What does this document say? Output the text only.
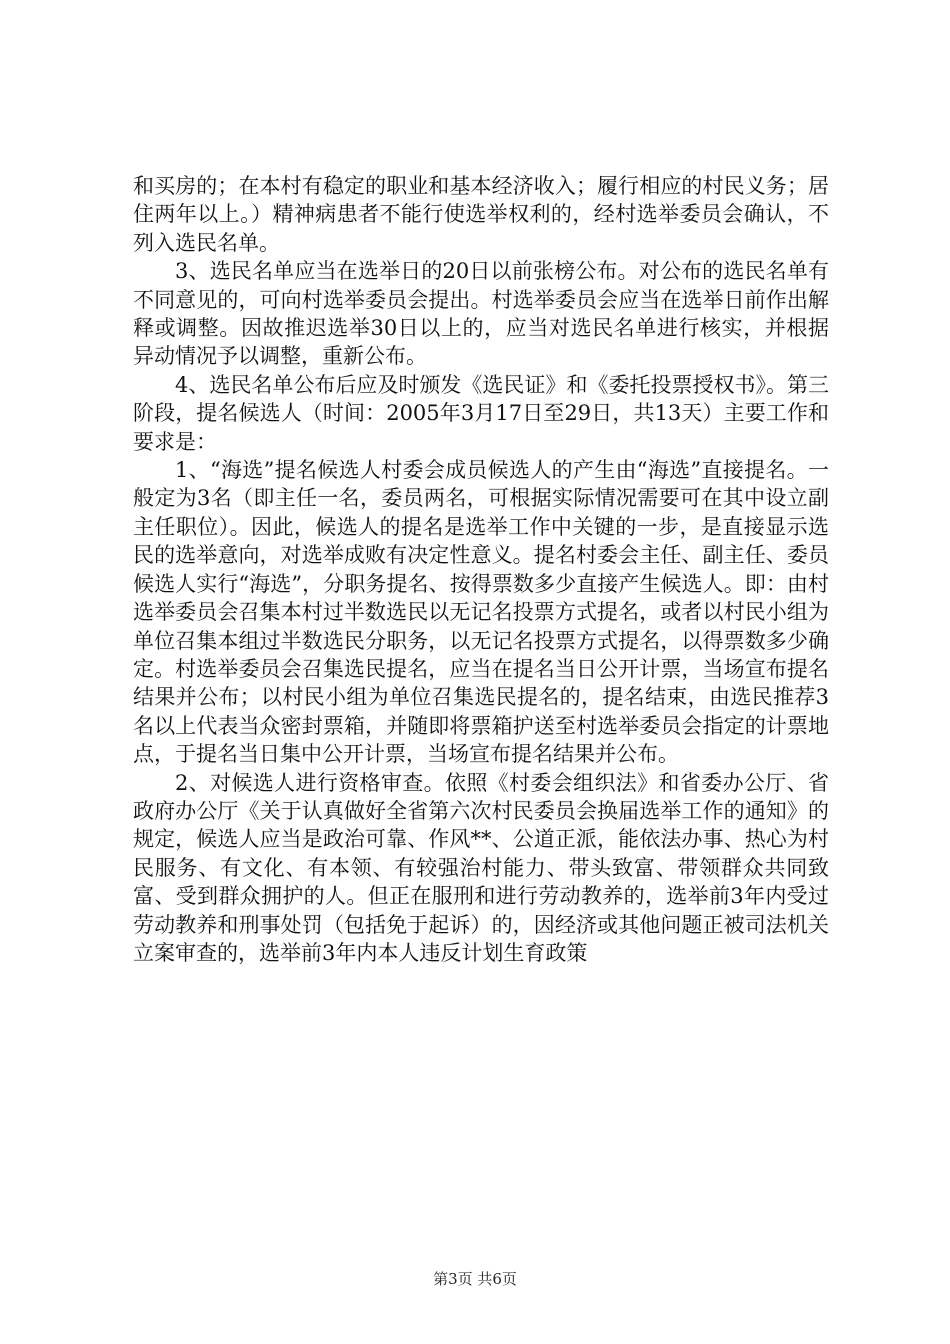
和买房的；在本村有稳定的职业和基本经济收入；履行相应的村民义务；居住两年以上。）精神病患者不能行使选举权利的，经村选举委员会确认，不列入选民名单。

3、选民名单应当在选举日的20日以前张榜公布。对公布的选民名单有不同意见的，可向村选举委员会提出。村选举委员会应当在选举日前作出解释或调整。因故推迟选举30日以上的，应当对选民名单进行核实，并根据异动情况予以调整，重新公布。

4、选民名单公布后应及时颁发《选民证》和《委托投票授权书》。第三阶段，提名候选人（时间：2005年3月17日至29日，共13天）主要工作和要求是：

1、“海选”提名候选人村委会成员候选人的产生由“海选”直接提名。一般定为3名（即主任一名，委员两名，可根据实际情况需要可在其中设立副主任职位）。因此，候选人的提名是选举工作中关键的一步，是直接显示选民的选举意向，对选举成败有决定性意义。提名村委会主任、副主任、委员候选人实行“海选”，分职务提名、按得票数多少直接产生候选人。即：由村选举委员会召集本村过半数选民以无记名投票方式提名，或者以村民小组为单位召集本组过半数选民分职务，以无记名投票方式提名，以得票数多少确定。村选举委员会召集选民提名，应当在提名当日公开计票，当场宣布提名结果并公布；以村民小组为单位召集选民提名的，提名结束，由选民推荐3名以上代表当众密封票箱，并随即将票箱护送至村选举委员会指定的计票地点，于提名当日集中公开计票，当场宣布提名结果并公布。

2、对候选人进行资格审查。依照《村委会组织法》和省委办公厅、省政府办公厅《关于认真做好全省第六次村民委员会换届选举工作的通知》的规定，候选人应当是政治可靠、作风**、公道正派，能依法办事、热心为村民服务、有文化、有本领、有较强治村能力、带头致富、带领群众共同致富、受到群众拥护的人。但正在服刑和进行劳动教养的，选举前3年内受过劳动教养和刑事处罚（包括免于起诉）的，因经济或其他问题正被司法机关立案审查的，选举前3年内本人违反计划生育政策

第3页 共6页
